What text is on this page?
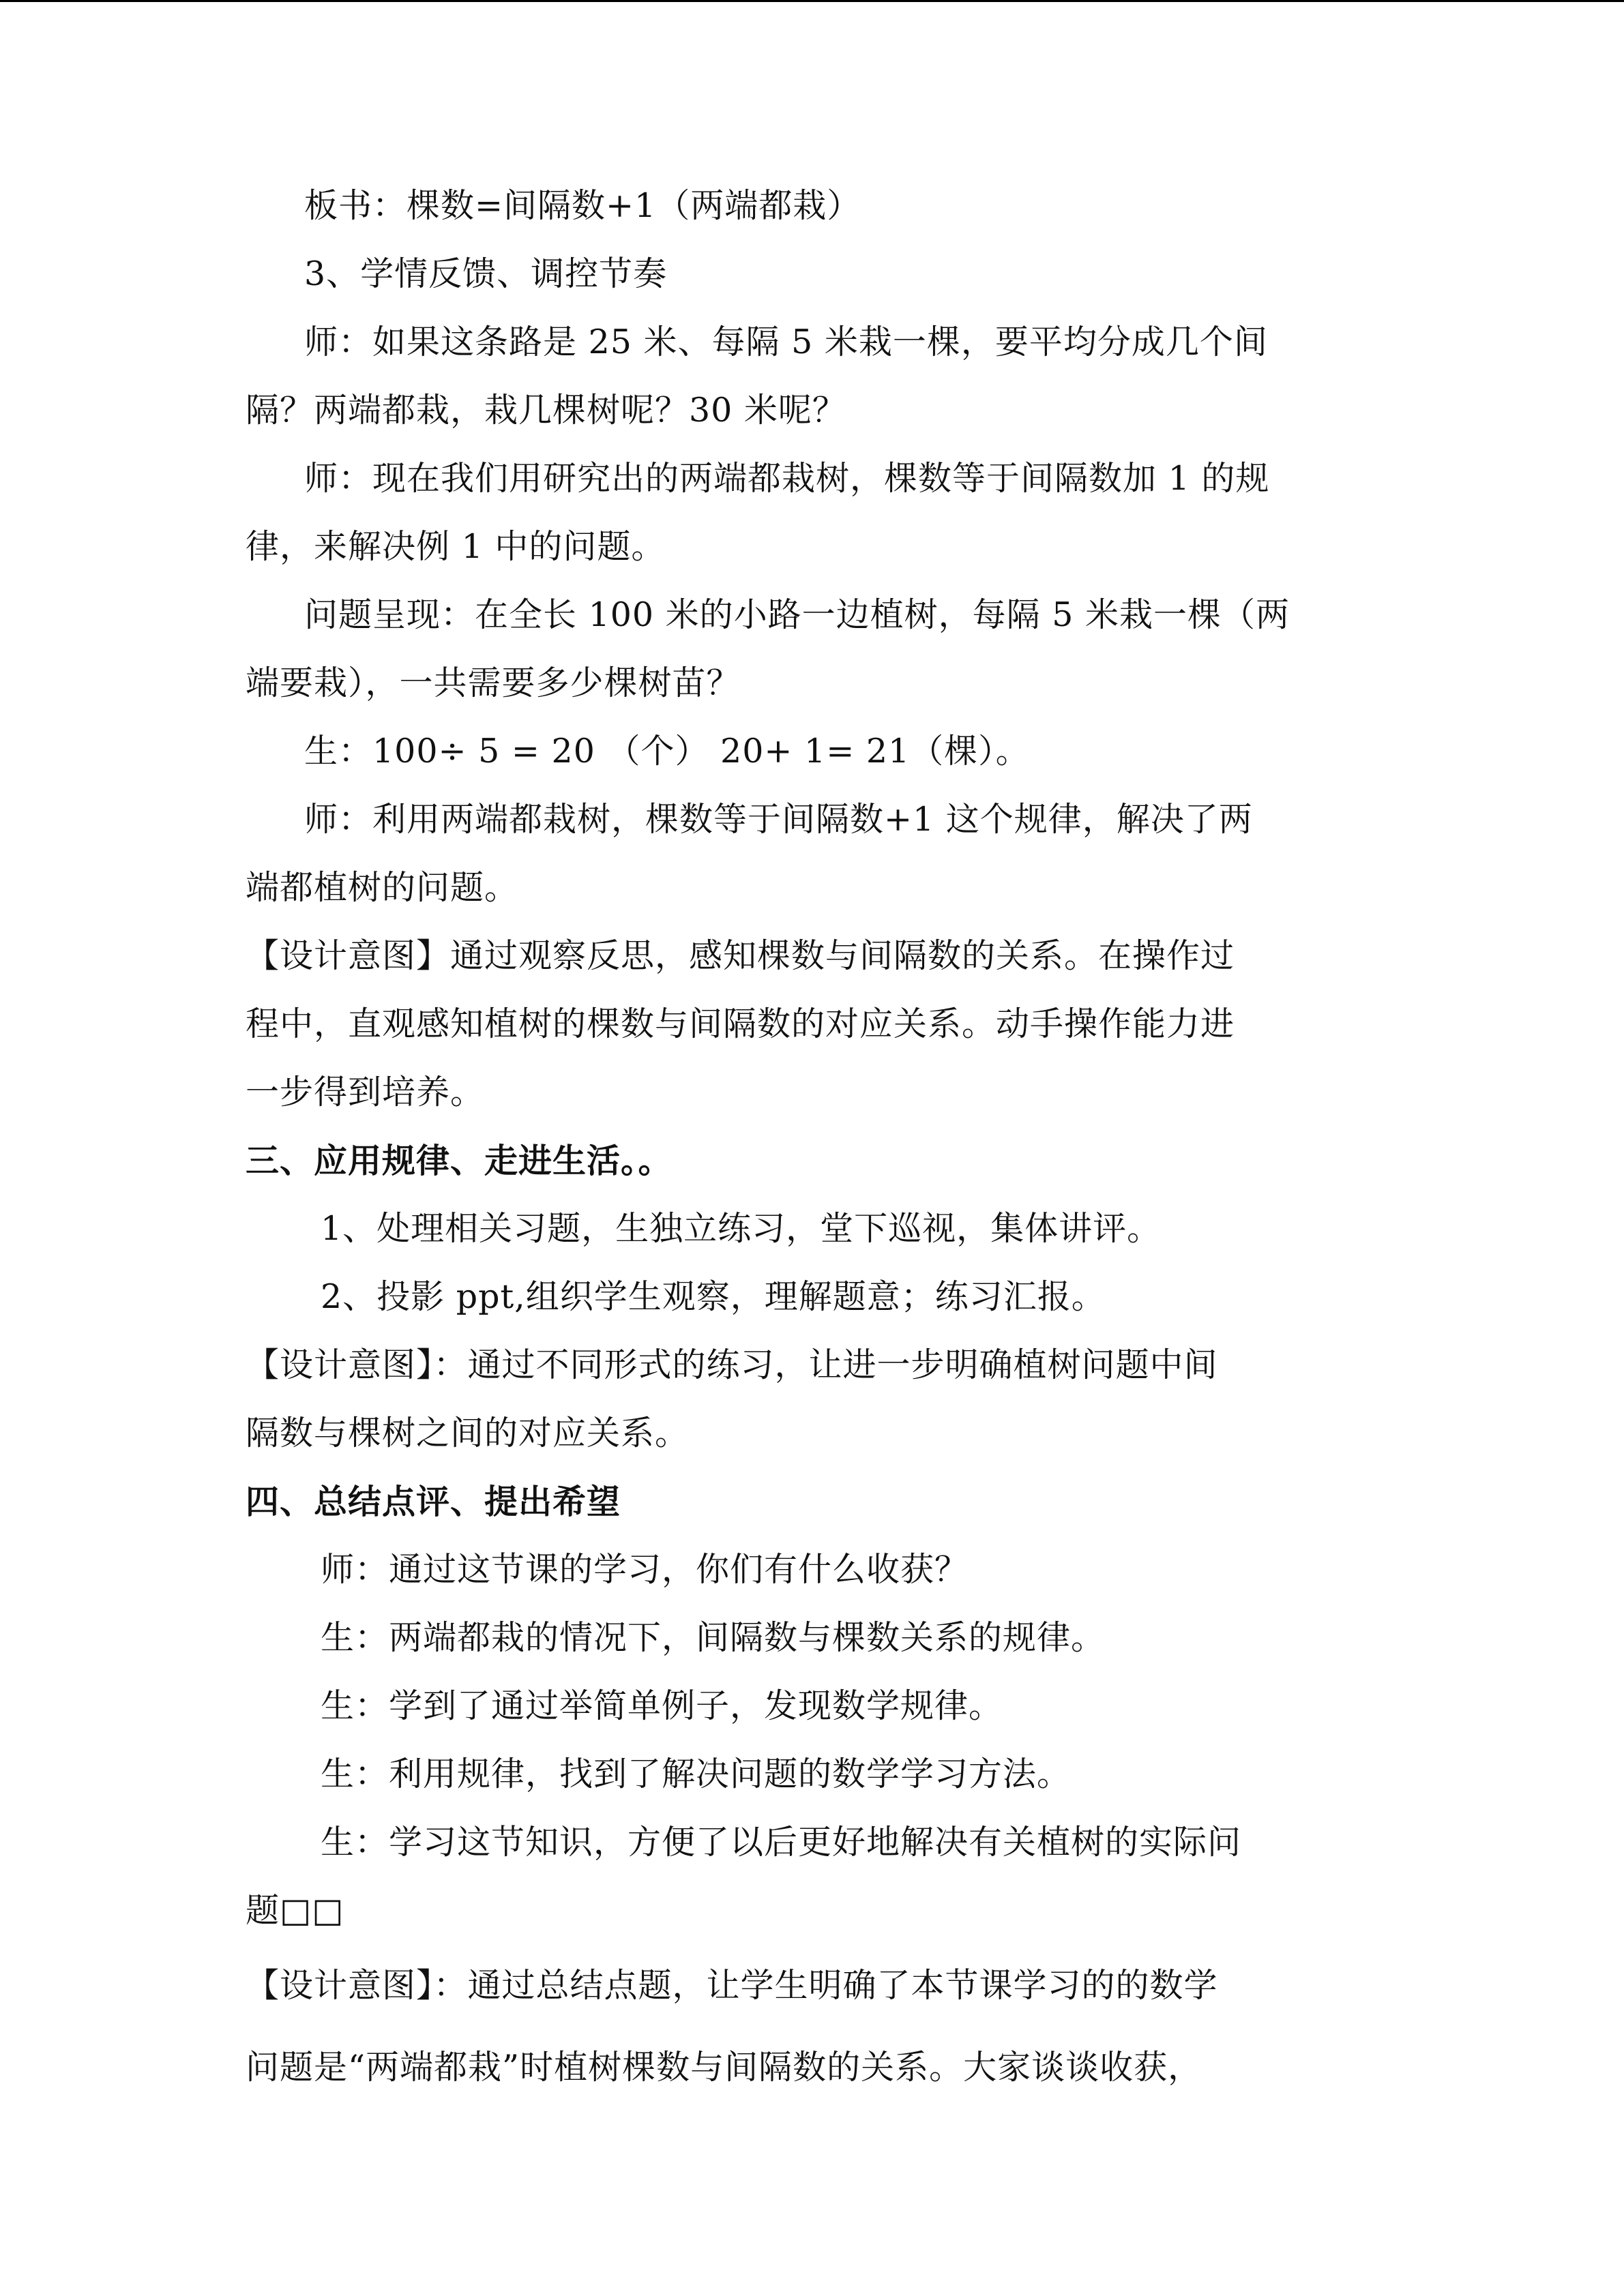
板书：棵数=间隔数+1（两端都栽）
3、学情反馈、调控节奏
师：如果这条路是 25 米、每隔 5 米栽一棵，要平均分成几个间
隔？两端都栽，栽几棵树呢？30 米呢？
师：现在我们用研究出的两端都栽树，棵数等于间隔数加 1 的规
律，来解决例 1 中的问题。
问题呈现：在全长 100 米的小路一边植树，每隔 5 米栽一棵（两
端要栽），一共需要多少棵树苗？
生：100÷ 5 = 20 （个） 20+ 1= 21（棵）。
师：利用两端都栽树，棵数等于间隔数+1 这个规律，解决了两
端都植树的问题。
【设计意图】通过观察反思，感知棵数与间隔数的关系。在操作过
程中，直观感知植树的棵数与间隔数的对应关系。动手操作能力进
一步得到培养。
三、应用规律、走进生活。。
1、处理相关习题，生独立练习，堂下巡视，集体讲评。
2、投影 ppt,组织学生观察，理解题意；练习汇报。
【设计意图】：通过不同形式的练习，让进一步明确植树问题中间
隔数与棵树之间的对应关系。
四、总结点评、提出希望
师：通过这节课的学习，你们有什么收获？
生：两端都栽的情况下，间隔数与棵数关系的规律。
生：学到了通过举简单例子，发现数学规律。
生：利用规律，找到了解决问题的数学学习方法。
生：学习这节知识，方便了以后更好地解决有关植树的实际问
题□□
【设计意图】：通过总结点题，让学生明确了本节课学习的的数学
问题是“两端都栽”时植树棵数与间隔数的关系。大家谈谈收获，
